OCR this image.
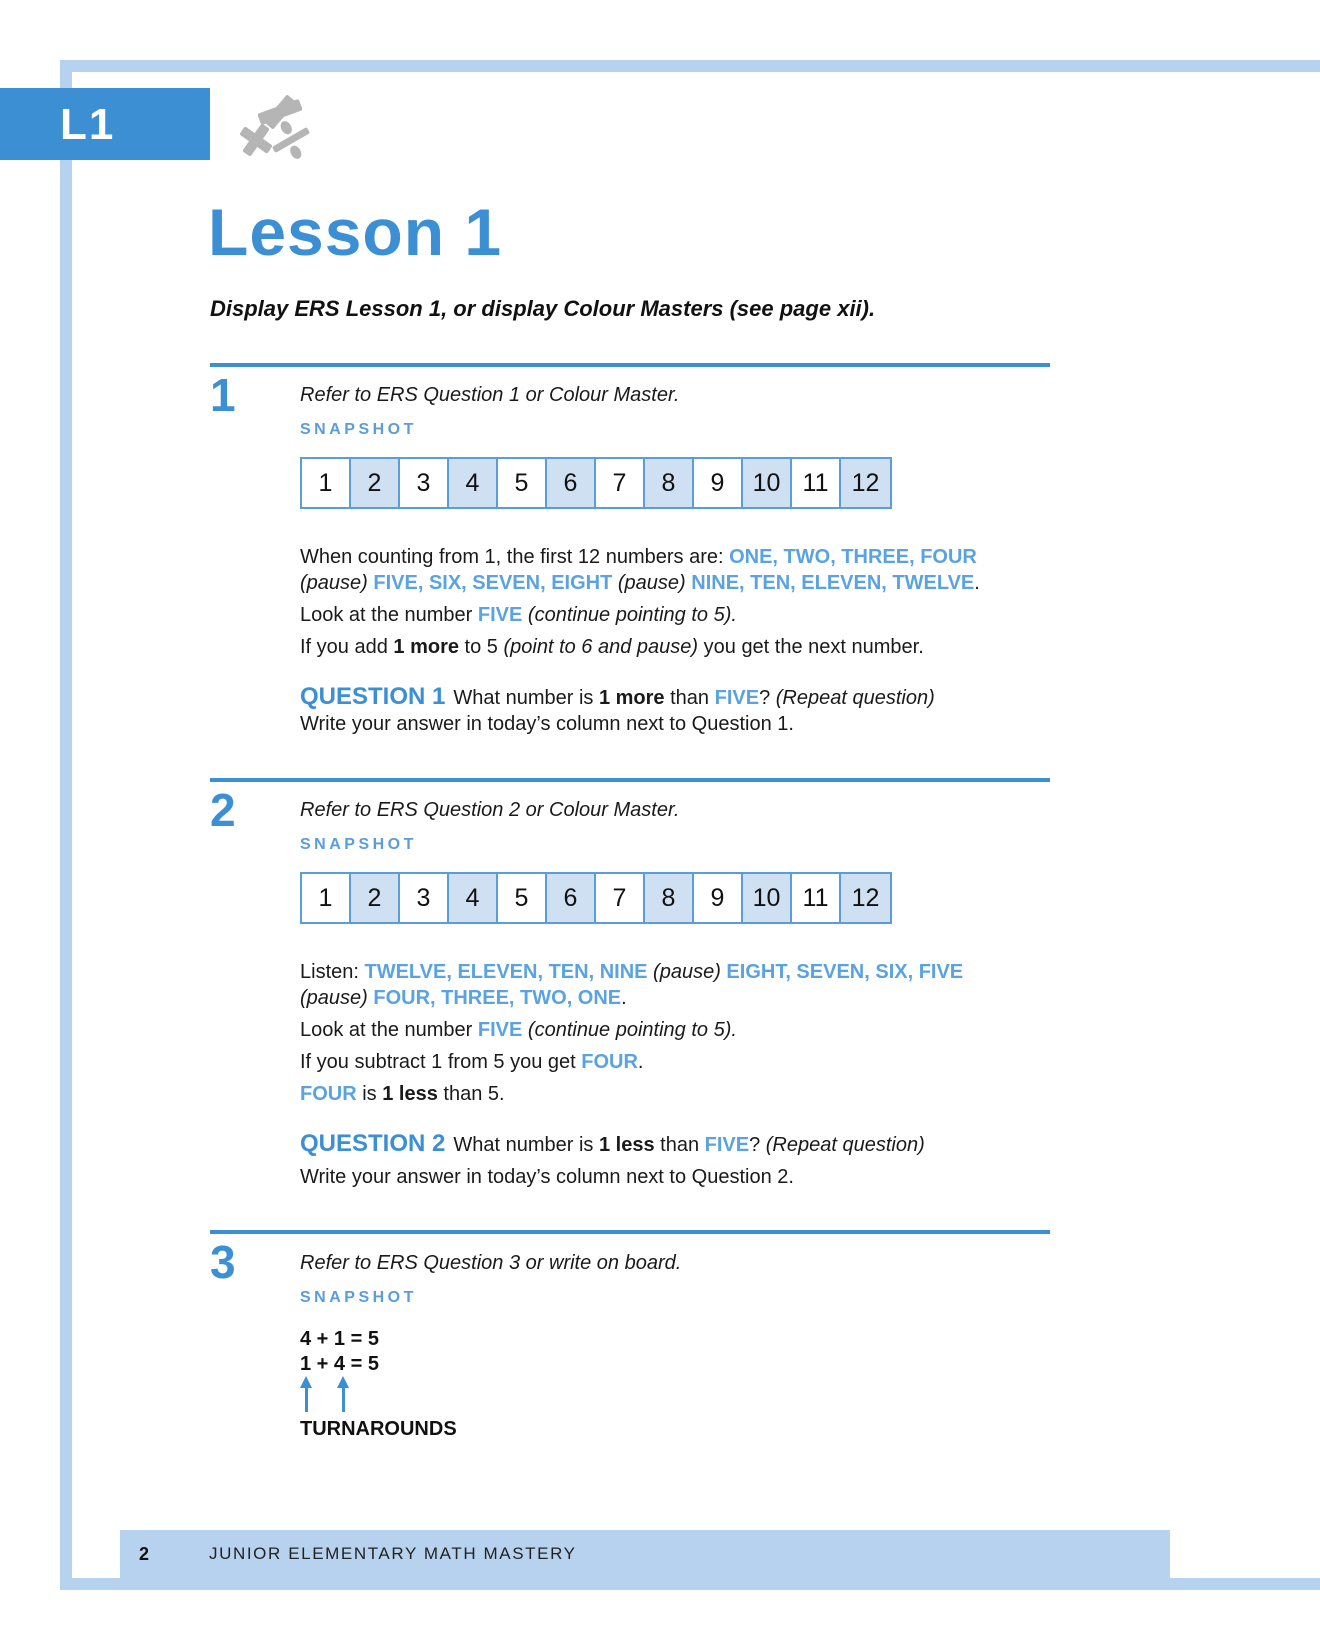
L1
Lesson 1
Display ERS Lesson 1, or display Colour Masters (see page xii).
1	Refer to ERS Question 1 or Colour Master.
SNAPSHOT
1	2	3	4	5	6	7	8	9	10 11 12
When counting from 1, the first 12 numbers are: ONE, TWO, THREE, FOUR
(pause) FIVE, SIX, SEVEN, EIGHT (pause) NINE, TEN, ELEVEN, TWELVE.
Look at the number FIVE (continue pointing to 5).
If you add 1 more to 5 (point to 6 and pause) you get the next number.
QUESTION 1 What number is 1 more than FIVE? (Repeat question)
Write your answer in today’s column next to Question 1.
2	Refer to ERS Question 2 or Colour Master.
SNAPSHOT
1	2	3	4	5	6	7	8	9	10 11 12
Listen: TWELVE, ELEVEN, TEN, NINE (pause) EIGHT, SEVEN, SIX, FIVE
(pause) FOUR, THREE, TWO, ONE.
Look at the number FIVE (continue pointing to 5).
If you subtract 1 from 5 you get FOUR.
FOUR is 1 less than 5.
QUESTION 2 What number is 1 less than FIVE? (Repeat question)
Write your answer in today’s column next to Question 2.
3	Refer to ERS Question 3 or write on board.
SNAPSHOT
4 + 1 = 5
1 + 4 = 5
TURNAROUNDS
2	JUNIOR ELEMENTARY MATH MASTERY
